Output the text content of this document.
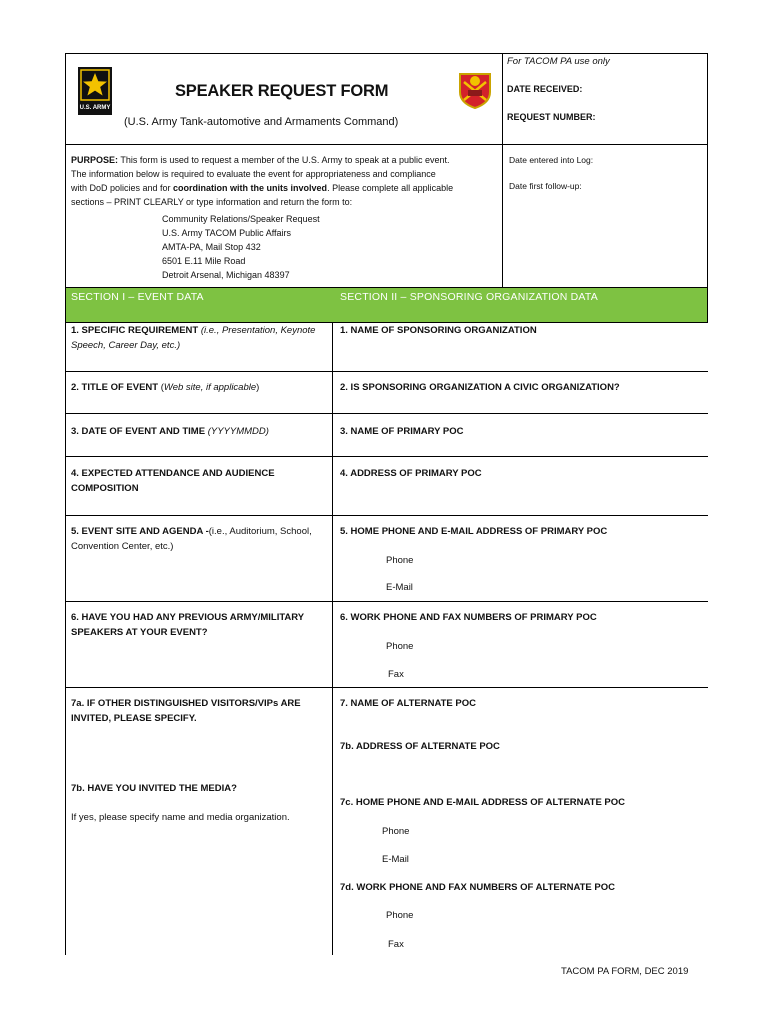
For TACOM PA use only
DATE RECEIVED:
REQUEST NUMBER:
Date entered into Log:
Date first follow-up:
U.S. ARMY
SPEAKER REQUEST FORM
(U.S. Army Tank-automotive and Armaments Command)
PURPOSE: This form is used to request a member of the U.S. Army to speak at a public event.
The information below is required to evaluate the event for appropriateness and compliance
with DoD policies and for coordination with the units involved. Please complete all applicable
sections – PRINT CLEARLY or type information and return the form to:
Community Relations/Speaker Request
U.S. Army TACOM Public Affairs
AMTA-PA, Mail Stop 432
6501 E.11 Mile Road
Detroit Arsenal, Michigan 48397
SECTION I – EVENT DATA	SECTION II – SPONSORING ORGANIZATION DATA
1. SPECIFIC REQUIREMENT (i.e., Presentation, Keynote
Speech, Career Day, etc.)
2. TITLE OF EVENT (Web site, if applicable)
3. DATE OF EVENT AND TIME (YYYYMMDD)
4. EXPECTED ATTENDANCE AND AUDIENCE
COMPOSITION
5. EVENT SITE AND AGENDA -(i.e., Auditorium, School,
Convention Center, etc.)
6. HAVE YOU HAD ANY PREVIOUS ARMY/MILITARY
SPEAKERS AT YOUR EVENT?
7a. IF OTHER DISTINGUISHED VISITORS/VIPs ARE
INVITED, PLEASE SPECIFY.
7b. HAVE YOU INVITED THE MEDIA?
If yes, please specify name and media organization.
1. NAME OF SPONSORING ORGANIZATION
2. IS SPONSORING ORGANIZATION A CIVIC ORGANIZATION?
3. NAME OF PRIMARY POC
4. ADDRESS OF PRIMARY POC
5. HOME PHONE AND E-MAIL ADDRESS OF PRIMARY POC
Phone
E-Mail
6. WORK PHONE AND FAX NUMBERS OF PRIMARY POC
Phone
Fax
7. NAME OF ALTERNATE POC
7b. ADDRESS OF ALTERNATE POC
7c. HOME PHONE AND E-MAIL ADDRESS OF ALTERNATE POC
Phone
E-Mail
7d. WORK PHONE AND FAX NUMBERS OF ALTERNATE POC
Phone
Fax
TACOM PA FORM, DEC 2019
